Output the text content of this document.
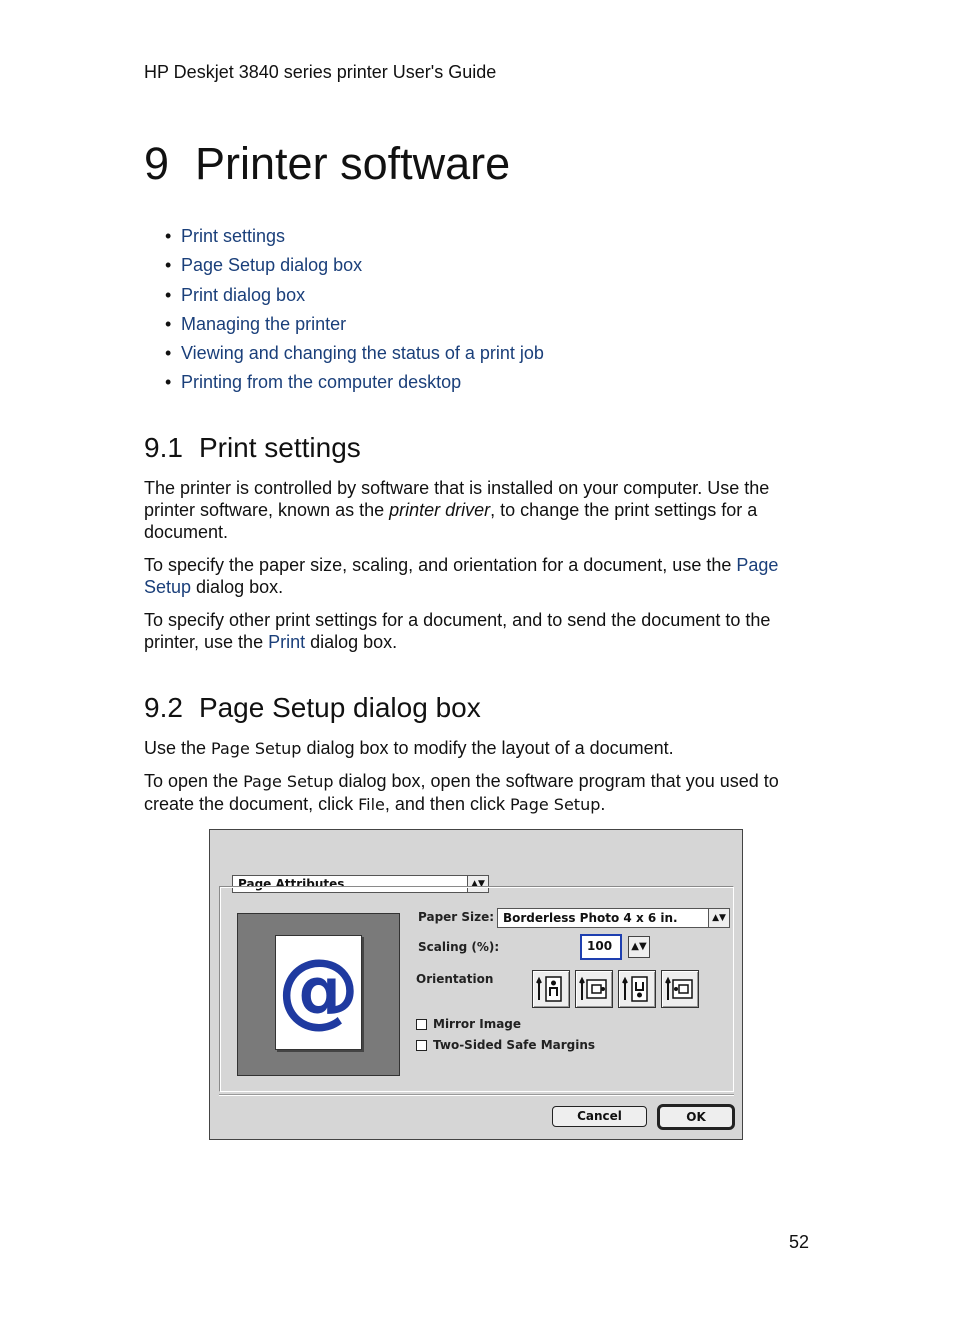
HP Deskjet 3840 series printer User's Guide
9 Printer software
• Print settings
• Page Setup dialog box
• Print dialog box
• Managing the printer
• Viewing and changing the status of a print job
• Printing from the computer desktop
9.1 Print settings

The printer is controlled by software that is installed on your computer. Use the printer software, known as the printer driver, to change the print settings for a document.

To specify the paper size, scaling, and orientation for a document, use the Page Setup dialog box.

To specify other print settings for a document, and to send the document to the printer, use the Print dialog box.

9.2 Page Setup dialog box

Use the Page Setup dialog box to modify the layout of a document.

To open the Page Setup dialog box, open the software program that you used to create the document, click File, and then click Page Setup.

Page Attributes	▲▼
@
Paper Size: Borderless Photo 4 x 6 in.	▲▼
Scaling (%):	100	▲▼
Orientation
Mirror Image
Two-Sided Safe Margins
Cancel	OK
52
